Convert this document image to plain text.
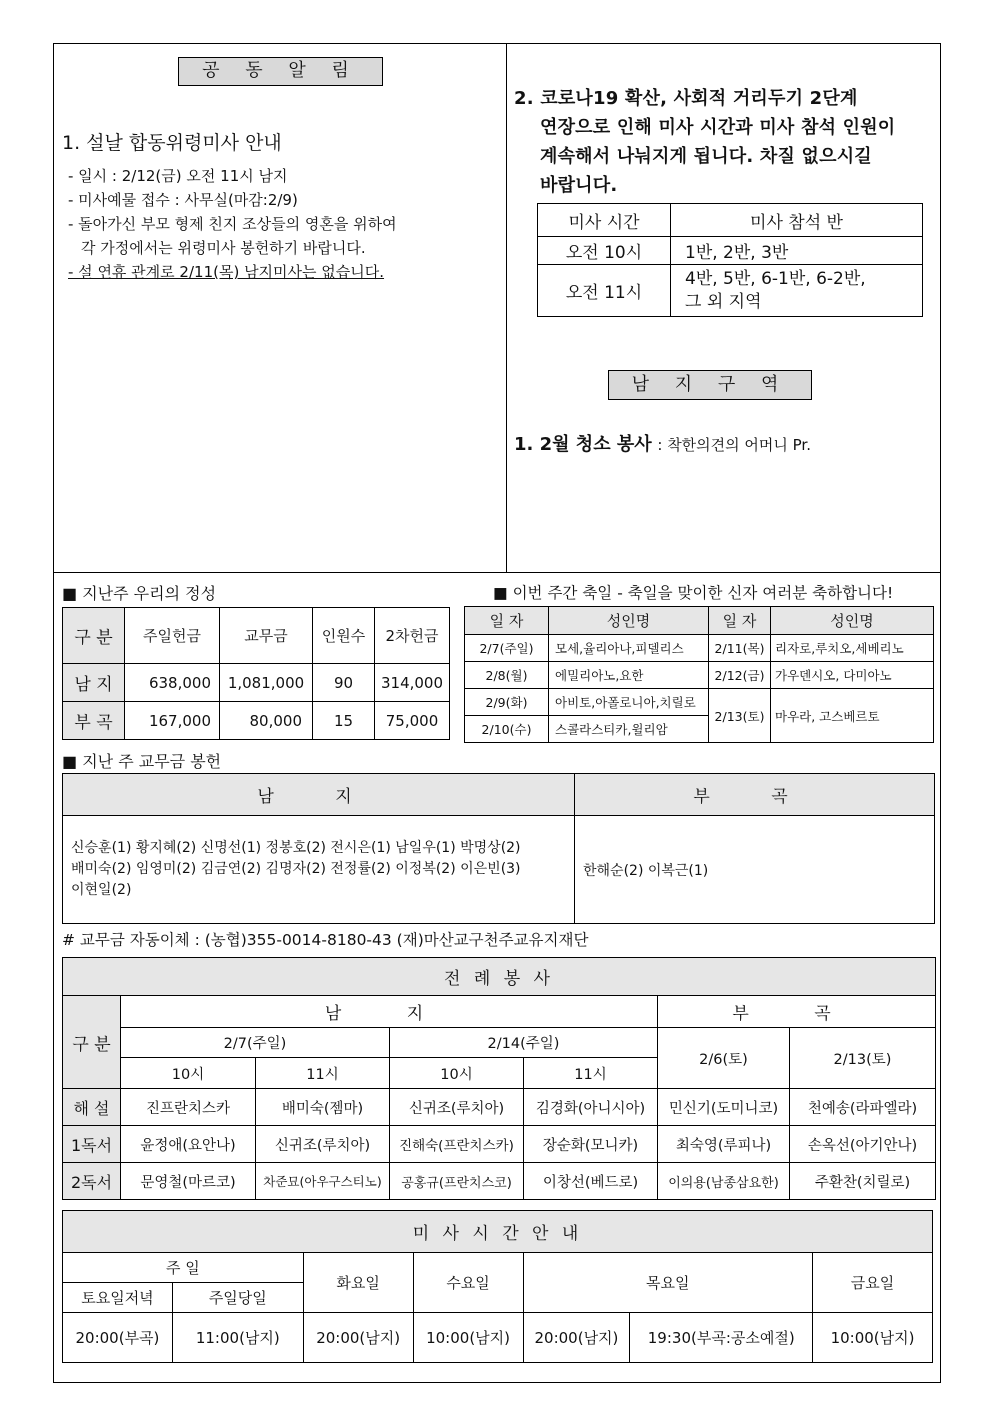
공 동 알 림
1. 설날 합동위령미사 안내
- 일시 : 2/12(금) 오전 11시 남지
- 미사예물 접수 : 사무실(마감:2/9)
- 돌아가신 부모 형제 친지 조상들의 영혼을 위하여
각 가정에서는 위령미사 봉헌하기 바랍니다.
- 설 연휴 관계로 2/11(목) 남지미사는 없습니다.
2. 코로나19 확산, 사회적 거리두기 2단계
연장으로 인해 미사 시간과 미사 참석 인원이
계속해서 나눠지게 됩니다. 차질 없으시길
바랍니다.
미사 시간	미사 참석 반
오전 10시	1반, 2반, 3반
오전 11시	4반, 5반, 6-1반, 6-2반,
그 외 지역
남 지 구 역
1. 2월 청소 봉사 : 착한의견의 어머니 Pr.
■ 지난주 우리의 정성
구 분	주일헌금	교무금	인원수	2차헌금
남 지	638,000	1,081,000	90	314,000
부 곡	167,000	80,000	15	75,000
■ 이번 주간 축일 - 축일을 맞이한 신자 여러분 축하합니다!
일 자	성인명	일 자	성인명
2/7(주일)	모세,율리아나,피델리스	2/11(목)	리자로,루치오,세베리노
2/8(월)	에밀리아노,요한	2/12(금)	가우덴시오, 다미아노
2/9(화)	아비토,아폴로니아,치릴로	2/13(토)	마우라, 고스베르토
2/10(수)	스콜라스티카,윌리암		
■ 지난 주 교무금 봉헌
남 지	부 곡

신승훈(1) 황지혜(2) 신명선(1) 정봉호(2) 전시은(1) 남일우(1) 박명상(2)
배미숙(2) 임영미(2) 김금연(2) 김명자(2) 전정률(2) 이정복(2) 이은빈(3)
이현일(2)	한해순(2) 이복근(1)
# 교무금 자동이체 : (농협)355-0014-8180-43 (재)마산교구천주교유지재단
전 례 봉 사						
구 분	남 지				부 곡	
	2/7(주일)		2/14(주일)		2/6(토)	2/13(토)
	10시	11시	10시	11시		
해 설	진프란치스카	배미숙(젬마)	신귀조(루치아)	김경화(아니시아)	민신기(도미니코)	천예송(라파엘라)
1독서	윤정애(요안나)	신귀조(루치아)	진해숙(프란치스카)	장순화(모니카)	최숙영(루피나)	손옥선(아기안나)
2독서	문영철(마르코)	차준묘(아우구스티노)	공홍규(프란치스코)	이창선(베드로)	이의용(남종삼요한)	주환찬(치릴로)
미 사 시 간 안 내						
주 일		화요일	수요일	목요일		금요일
토요일저녁	주일당일					
20:00(부곡)	11:00(남지)	20:00(남지)	10:00(남지)	20:00(남지)	19:30(부곡:공소예절)	10:00(남지)
